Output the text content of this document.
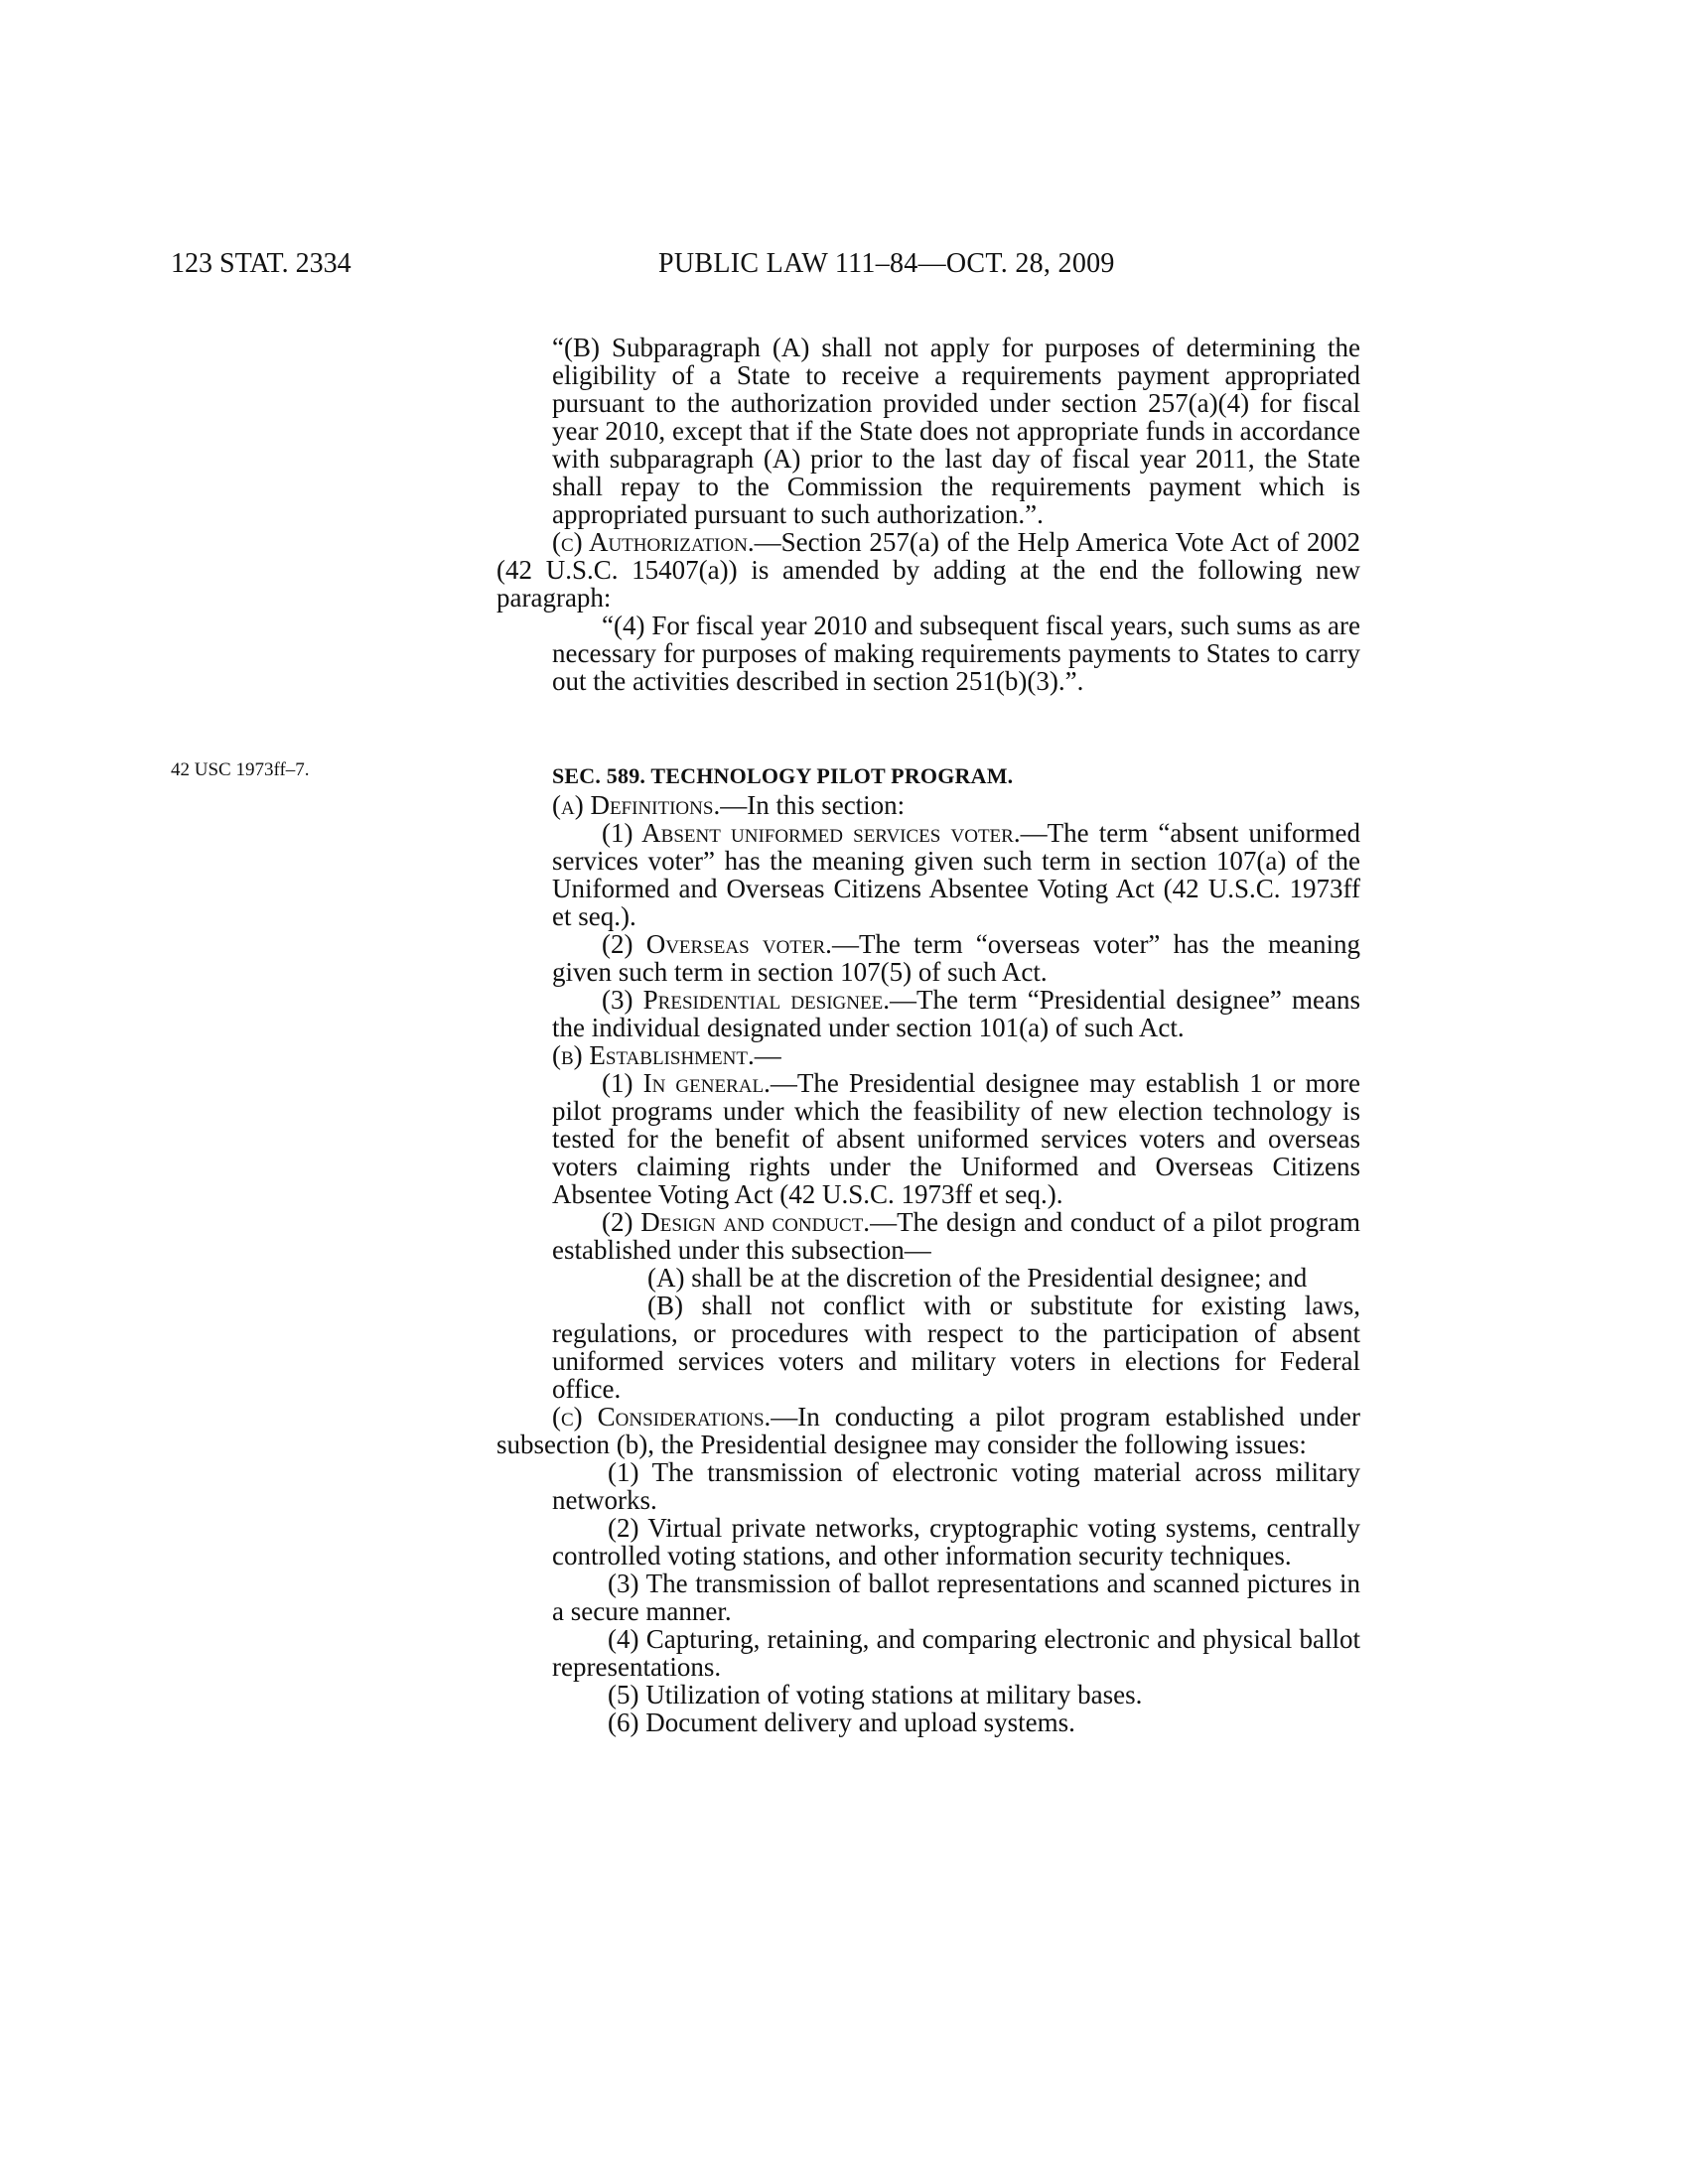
123 STAT. 2334	PUBLIC LAW 111–84—OCT. 28, 2009
42 USC 1973ff–7.

“(B) Subparagraph (A) shall not apply for purposes of determining the eligibility of a State to receive a requirements payment appropriated pursuant to the authorization provided under section 257(a)(4) for fiscal year 2010, except that if the State does not appropriate funds in accordance with subparagraph (A) prior to the last day of fiscal year 2011, the State shall repay to the Commission the requirements payment which is appropriated pursuant to such authorization.”.

(c) Authorization.—Section 257(a) of the Help America Vote Act of 2002 (42 U.S.C. 15407(a)) is amended by adding at the end the following new paragraph:

“(4) For fiscal year 2010 and subsequent fiscal years, such sums as are necessary for purposes of making requirements payments to States to carry out the activities described in section 251(b)(3).”.

SEC. 589. TECHNOLOGY PILOT PROGRAM.

(a) Definitions.—In this section:

(1) Absent uniformed services voter.—The term “absent uniformed services voter” has the meaning given such term in section 107(a) of the Uniformed and Overseas Citizens Absentee Voting Act (42 U.S.C. 1973ff et seq.).

(2) Overseas voter.—The term “overseas voter” has the meaning given such term in section 107(5) of such Act.

(3) Presidential designee.—The term “Presidential designee” means the individual designated under section 101(a) of such Act.

(b) Establishment.—

(1) In general.—The Presidential designee may establish 1 or more pilot programs under which the feasibility of new election technology is tested for the benefit of absent uniformed services voters and overseas voters claiming rights under the Uniformed and Overseas Citizens Absentee Voting Act (42 U.S.C. 1973ff et seq.).

(2) Design and conduct.—The design and conduct of a pilot program established under this subsection—

(A) shall be at the discretion of the Presidential designee; and

(B) shall not conflict with or substitute for existing laws, regulations, or procedures with respect to the participation of absent uniformed services voters and military voters in elections for Federal office.

(c) Considerations.—In conducting a pilot program established under subsection (b), the Presidential designee may consider the following issues:

(1) The transmission of electronic voting material across military networks.

(2) Virtual private networks, cryptographic voting systems, centrally controlled voting stations, and other information security techniques.

(3) The transmission of ballot representations and scanned pictures in a secure manner.

(4) Capturing, retaining, and comparing electronic and physical ballot representations.

(5) Utilization of voting stations at military bases.

(6) Document delivery and upload systems.
